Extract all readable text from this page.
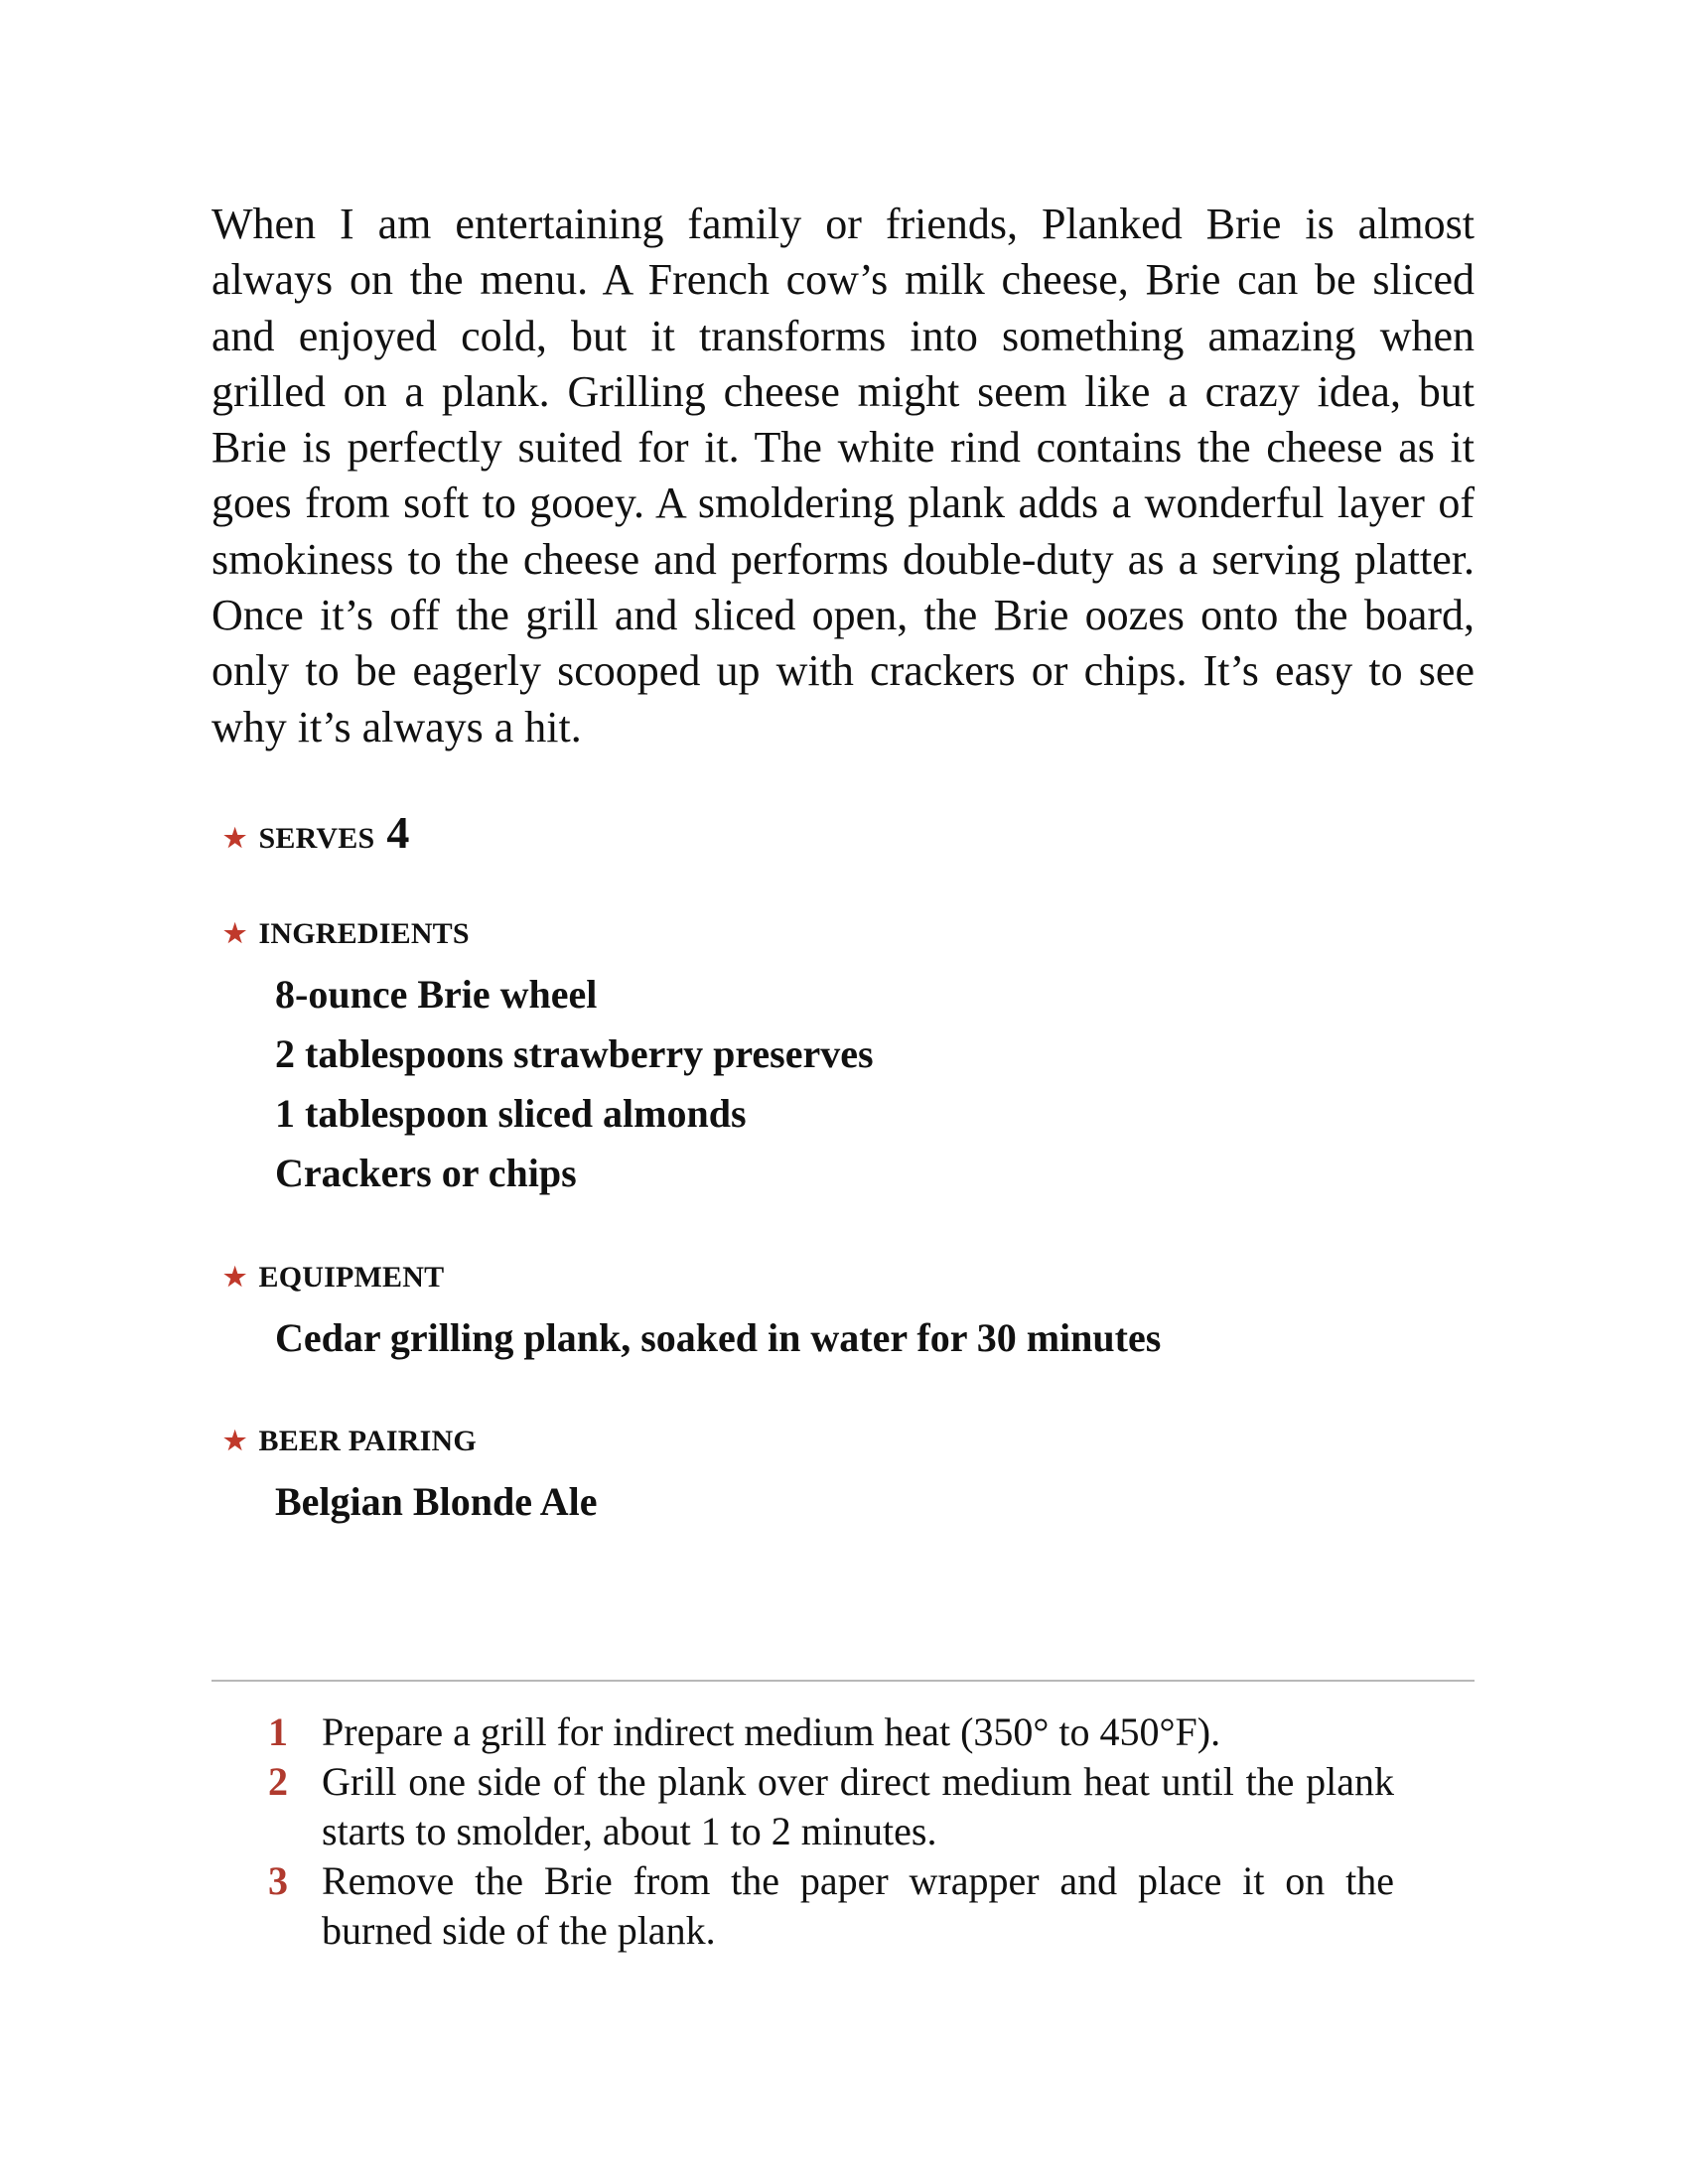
When I am entertaining family or friends, Planked Brie is almost always on the menu. A French cow’s milk cheese, Brie can be sliced and enjoyed cold, but it transforms into something amazing when grilled on a plank. Grilling cheese might seem like a crazy idea, but Brie is perfectly suited for it. The white rind contains the cheese as it goes from soft to gooey. A smoldering plank adds a wonderful layer of smokiness to the cheese and performs double-duty as a serving platter. Once it’s off the grill and sliced open, the Brie oozes onto the board, only to be eagerly scooped up with crackers or chips. It’s easy to see why it’s always a hit.

★ SERVES 4
★ INGREDIENTS
8-ounce Brie wheel
2 tablespoons strawberry preserves
1 tablespoon sliced almonds
Crackers or chips
★ EQUIPMENT
Cedar grilling plank, soaked in water for 30 minutes
★ BEER PAIRING
Belgian Blonde Ale
1 Prepare a grill for indirect medium heat (350° to 450°F).
2 Grill one side of the plank over direct medium heat until the plank starts to smolder, about 1 to 2 minutes.
3 Remove the Brie from the paper wrapper and place it on the burned side of the plank.
